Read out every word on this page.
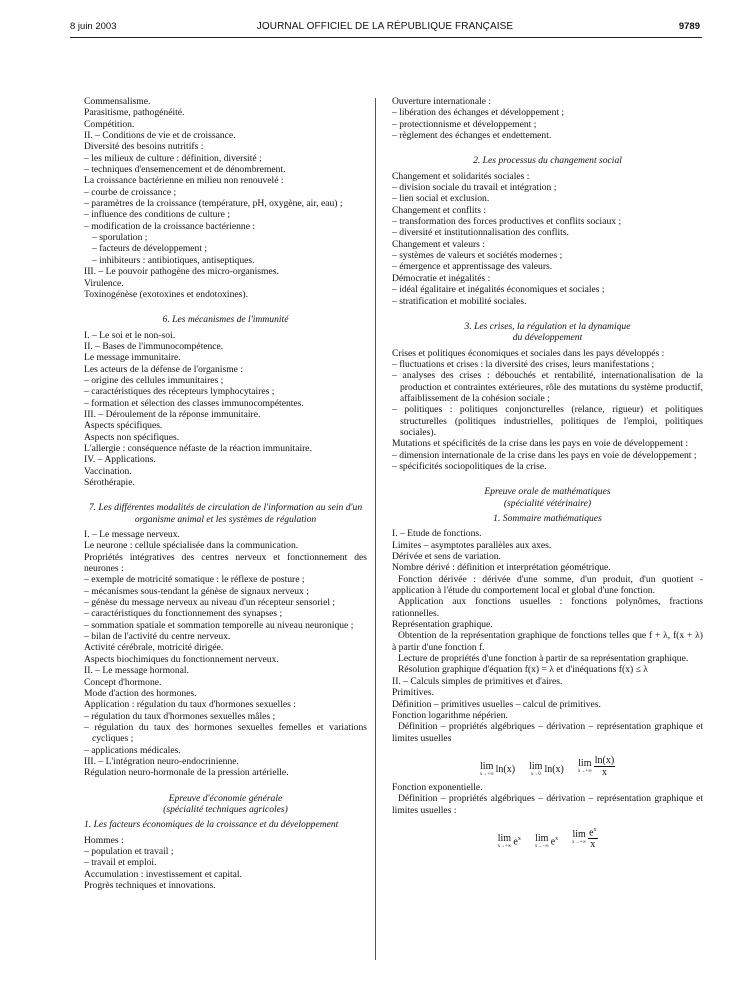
8 juin 2003	JOURNAL OFFICIEL DE LA RÉPUBLIQUE FRANÇAISE	9789

Commensalisme.

Parasitisme, pathogénéité.

Compétition.

II. – Conditions de vie et de croissance.

Diversité des besoins nutritifs :

– les milieux de culture : définition, diversité ;

– techniques d'ensemencement et de dénombrement.

La croissance bactérienne en milieu non renouvelé :

– courbe de croissance ;

– paramètres de la croissance (température, pH, oxygène, air, eau) ;

– influence des conditions de culture ;

– modification de la croissance bactérienne :

– sporulation ;

– facteurs de développement ;

– inhibiteurs : antibiotiques, antiseptiques.

III. – Le pouvoir pathogène des micro-organismes.

Virulence.

Toxinogénèse (exotoxines et endotoxines).

6. Les mécanismes de l'immunité

I. – Le soi et le non-soi.

II. – Bases de l'immunocompétence.

Le message immunitaire.

Les acteurs de la défense de l'organisme :

– origine des cellules immunitaires ;

– caractéristiques des récepteurs lymphocytaires ;

– formation et sélection des classes immunocompétentes.

III. – Déroulement de la réponse immunitaire.

Aspects spécifiques.

Aspects non spécifiques.

L'allergie : conséquence néfaste de la réaction immunitaire.

IV. – Applications.

Vaccination.

Sérothérapie.

7. Les différentes modalités de circulation de l'information au sein d'un organisme animal et les systèmes de régulation

I. – Le message nerveux.

Le neurone : cellule spécialisée dans la communication.

Propriétés intégratives des centres nerveux et fonctionnement des neurones :

– exemple de motricité somatique : le réflexe de posture ;

– mécanismes sous-tendant la génèse de signaux nerveux ;

– génèse du message nerveux au niveau d'un récepteur sensoriel ;

– caractéristiques du fonctionnement des synapses ;

– sommation spatiale et sommation temporelle au niveau neuronique ;

– bilan de l'activité du centre nerveux.

Activité cérébrale, motricité dirigée.

Aspects biochimiques du fonctionnement nerveux.

II. – Le message hormonal.

Concept d'hormone.

Mode d'action des hormones.

Application : régulation du taux d'hormones sexuelles :

– régulation du taux d'hormones sexuelles mâles ;

– régulation du taux des hormones sexuelles femelles et variations cycliques ;

– applications médicales.

III. – L'intégration neuro-endocrinienne.

Régulation neuro-hormonale de la pression artérielle.

Epreuve d'économie générale

(spécialité techniques agricoles)

1. Les facteurs économiques de la croissance et du développement

Hommes :

– population et travail ;

– travail et emploi.

Accumulation : investissement et capital.

Progrès techniques et innovations.

Ouverture internationale :

– libération des échanges et développement ;

– protectionnisme et développement ;

– règlement des échanges et endettement.

2. Les processus du changement social

Changement et solidarités sociales :

– division sociale du travail et intégration ;

– lien social et exclusion.

Changement et conflits :

– transformation des forces productives et conflits sociaux ;

– diversité et institutionnalisation des conflits.

Changement et valeurs :

– systèmes de valeurs et sociétés modernes ;

– émergence et apprentissage des valeurs.

Démocratie et inégalités :

– idéal égalitaire et inégalités économiques et sociales ;

– stratification et mobilité sociales.

3. Les crises, la régulation et la dynamique

du développement

Crises et politiques économiques et sociales dans les pays développés :

– fluctuations et crises : la diversité des crises, leurs manifestations ;

– analyses des crises : débouchés et rentabilité, internationalisation de la production et contraintes extérieures, rôle des mutations du système productif, affaiblissement de la cohésion sociale ;

– politiques : politiques conjoncturelles (relance, rigueur) et politiques structurelles (politiques industrielles, politiques de l'emploi, politiques sociales).

Mutations et spécificités de la crise dans les pays en voie de développement :

– dimension internationale de la crise dans les pays en voie de développement ;

– spécificités sociopolitiques de la crise.

Epreuve orale de mathématiques

(spécialité vétérinaire)

1. Sommaire mathématiques

I. – Etude de fonctions.

Limites – asymptotes parallèles aux axes.

Dérivée et sens de variation.

Nombre dérivé : définition et interprétation géométrique.

Fonction dérivée : dérivée d'une somme, d'un produit, d'un quotient - application à l'étude du comportement local et global d'une fonction.

Application aux fonctions usuelles : fonctions polynômes, fractions rationnelles.

Représentation graphique.

Obtention de la représentation graphique de fonctions telles que f + λ, f(x + λ) à partir d'une fonction f.

Lecture de propriétés d'une fonction à partir de sa représentation graphique.

Résolution graphique d'équation f(x) = λ et d'inéquations f(x) ≤ λ

II. – Calculs simples de primitives et d'aires.

Primitives.

Définition – primitives usuelles – calcul de primitives.

Fonction logarithme népérien.

Définition – propriétés algébriques – dérivation – représentation graphique et limites usuelles

lim
x→+∞ ln(x) lim
x→0 ln(x)
lim
$x\to+\infty \frac{\ln(x)}{x}$

Fonction exponentielle.

Définition – propriétés algébriques – dérivation – représentation graphique et limites usuelles :

lim
x→+∞ $e^x$ lim
x→−∞ $e^x$ lim
$x\to+\infty \frac{e^x}{x}$
